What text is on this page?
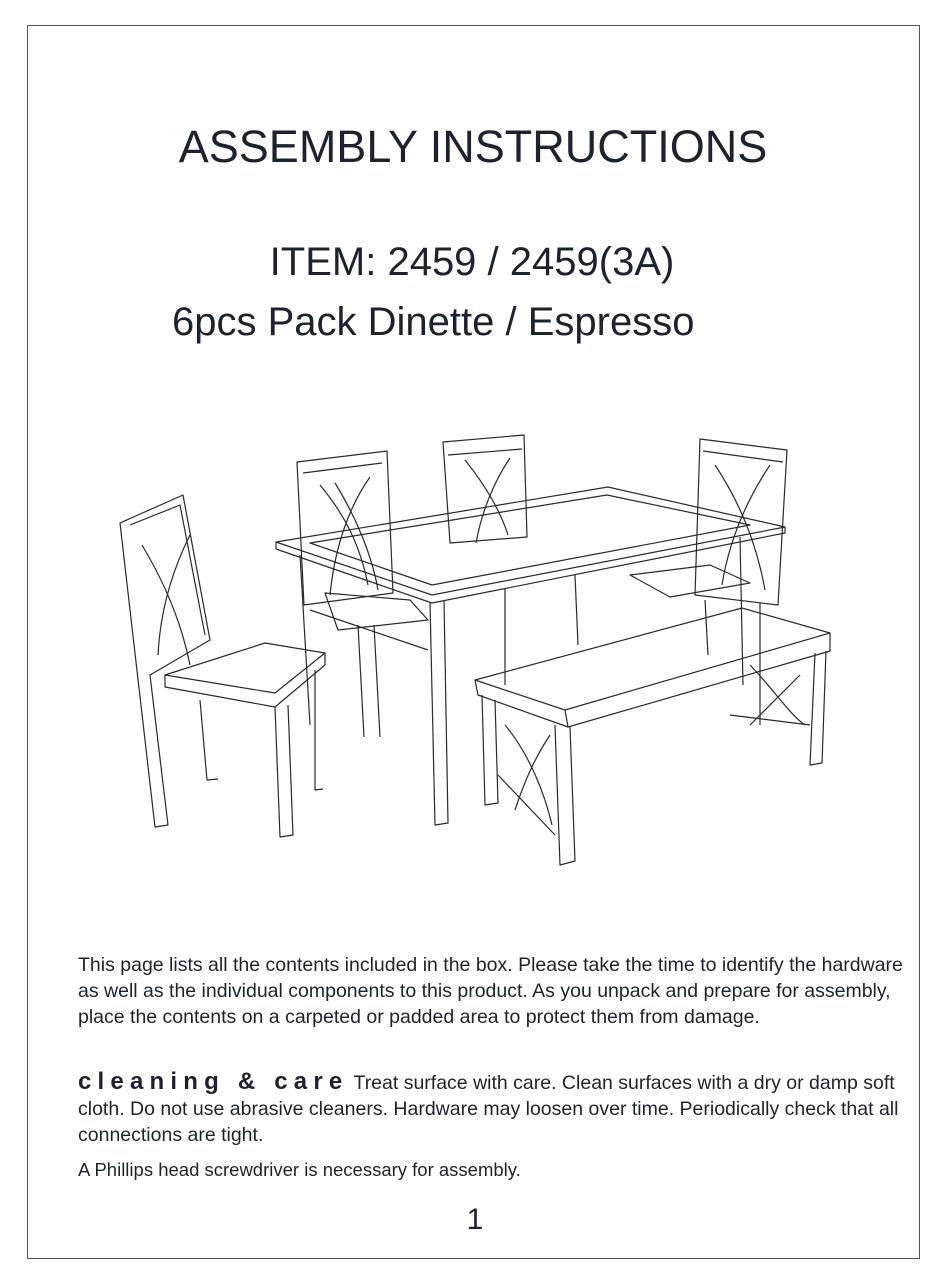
ASSEMBLY INSTRUCTIONS
ITEM: 2459 / 2459(3A)
6pcs Pack Dinette / Espresso

This page lists all the contents included in the box. Please take the time to identify the hardware as well as the individual components to this product. As you unpack and prepare for assembly, place the contents on a carpeted or padded area to protect them from damage.

cleaning & care Treat surface with care. Clean surfaces with a dry or damp soft cloth. Do not use abrasive cleaners. Hardware may loosen over time. Periodically check that all connections are tight.

A Phillips head screwdriver is necessary for assembly.

1
